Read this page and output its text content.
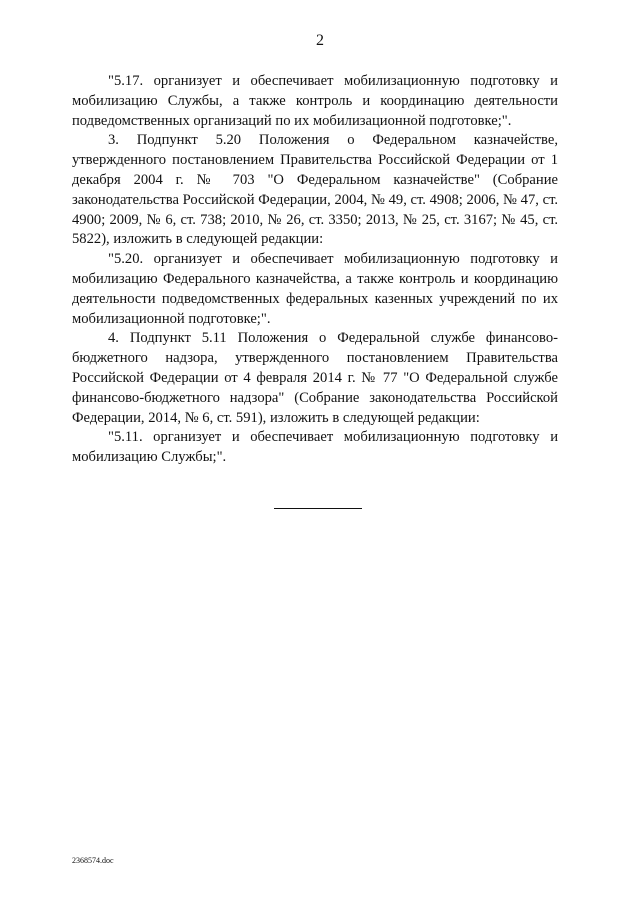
2

"5.17. организует и обеспечивает мобилизационную подготовку и мобилизацию Службы, а также контроль и координацию деятельности подведомственных организаций по их мобилизационной подготовке;".

3. Подпункт 5.20 Положения о Федеральном казначействе, утвержденного постановлением Правительства Российской Федерации от 1 декабря 2004 г. № 703 "О Федеральном казначействе" (Собрание законодательства Российской Федерации, 2004, № 49, ст. 4908; 2006, № 47, ст. 4900; 2009, № 6, ст. 738; 2010, № 26, ст. 3350; 2013, № 25, ст. 3167; № 45, ст. 5822), изложить в следующей редакции:

"5.20. организует и обеспечивает мобилизационную подготовку и мобилизацию Федерального казначейства, а также контроль и координацию деятельности подведомственных федеральных казенных учреждений по их мобилизационной подготовке;".

4. Подпункт 5.11 Положения о Федеральной службе финансово-бюджетного надзора, утвержденного постановлением Правительства Российской Федерации от 4 февраля 2014 г. № 77 "О Федеральной службе финансово-бюджетного надзора" (Собрание законодательства Российской Федерации, 2014, № 6, ст. 591), изложить в следующей редакции:

"5.11. организует и обеспечивает мобилизационную подготовку и мобилизацию Службы;".

2368574.doc
